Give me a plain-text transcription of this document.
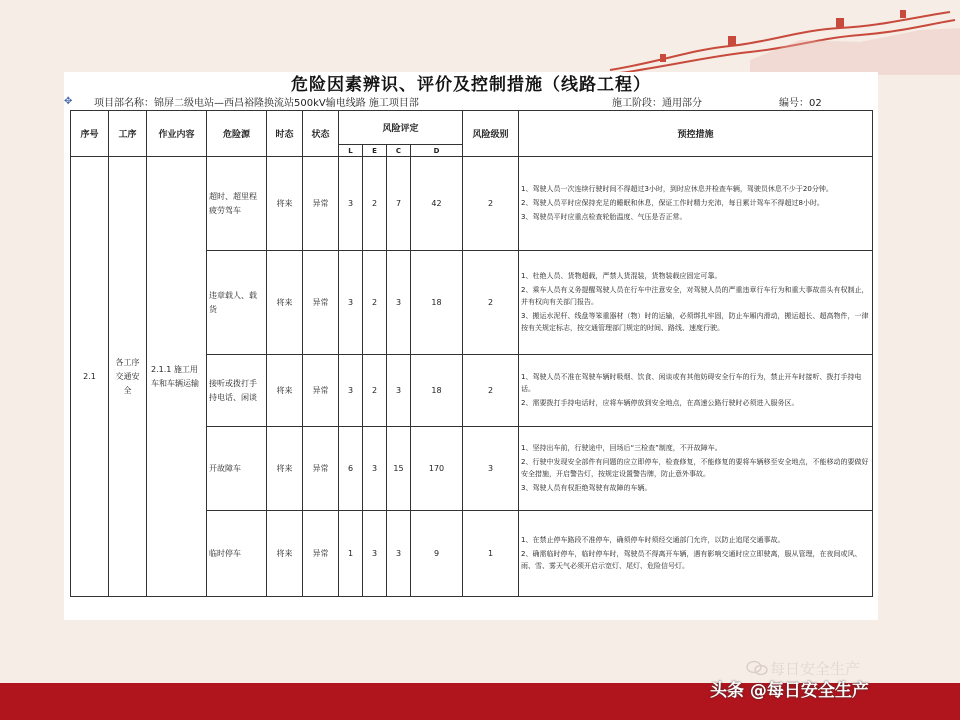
危险因素辨识、评价及控制措施（线路工程）
✥ 项目部名称：锦屏二级电站—西昌裕隆换流站500kV输电线路 施工项目部	施工阶段：通用部分	编号：02
序号	工序	作业内容	危险源	时态	状态	风险评定				风险级别	预控措施
						L	E	C	D		
2.1	各工序交通安全	2.1.1 施工用车和车辆运输	超时、超里程疲劳驾车	将来	异常	3	2	7	42	2	1、驾驶人员一次连续行驶时间不得超过3小时，到时应休息并检查车辆，驾驶员休息不少于20分钟。

2、驾驶人员平时应保持充足的睡眠和休息，保证工作时精力充沛，每日累计驾车不得超过8小时。

3、驾驶员平时应重点检查轮胎温度、气压是否正常。

			违章载人、载货	将来	异常	3	2	3	18	2	1、杜绝人员、货物超载，严禁人货混装，货物装载应固定可靠。

2、乘车人员有义务提醒驾驶人员在行车中注意安全，对驾驶人员的严重违章行车行为和重大事故苗头有权制止，并有权向有关部门报告。

3、搬运水泥杆、线盘等笨重器材（物）时的运输，必须绑扎牢固，防止车厢内滑动，搬运超长、超高物件，一律按有关规定标志，按交通管理部门规定的时间、路线、速度行驶。

			接听或拨打手持电话、闲谈	将来	异常	3	2	3	18	2	1、驾驶人员不准在驾驶车辆时吸烟、饮食、闲谈或有其他妨碍安全行车的行为，禁止开车时接听、拨打手持电话。

2、需要拨打手持电话时，应将车辆停放到安全地点，在高速公路行驶时必须进入服务区。

			开故障车	将来	异常	6	3	15	170	3	1、坚持出车前，行驶途中，回场后“三检查”制度，不开故障车。

2、行驶中发现安全部件有问题的应立即停车，检查修复，不能修复的要将车辆移至安全地点，不能移动的要做好安全措施，开启警告灯，按规定设置警告牌，防止意外事故。

3、驾驶人员有权拒绝驾驶有故障的车辆。

			临时停车	将来	异常	1	3	3	9	1	1、在禁止停车路段不准停车，确须停车时须经交通部门允许，以防止追尾交通事故。

2、确需临时停车，临时停车时，驾驶员不得离开车辆，遇有影响交通时应立即驶离，服从管理，在夜间或风、雨、雪、雾天气必须开启示宽灯、尾灯、危险信号灯。

每日安全生产
头条 @每日安全生产
